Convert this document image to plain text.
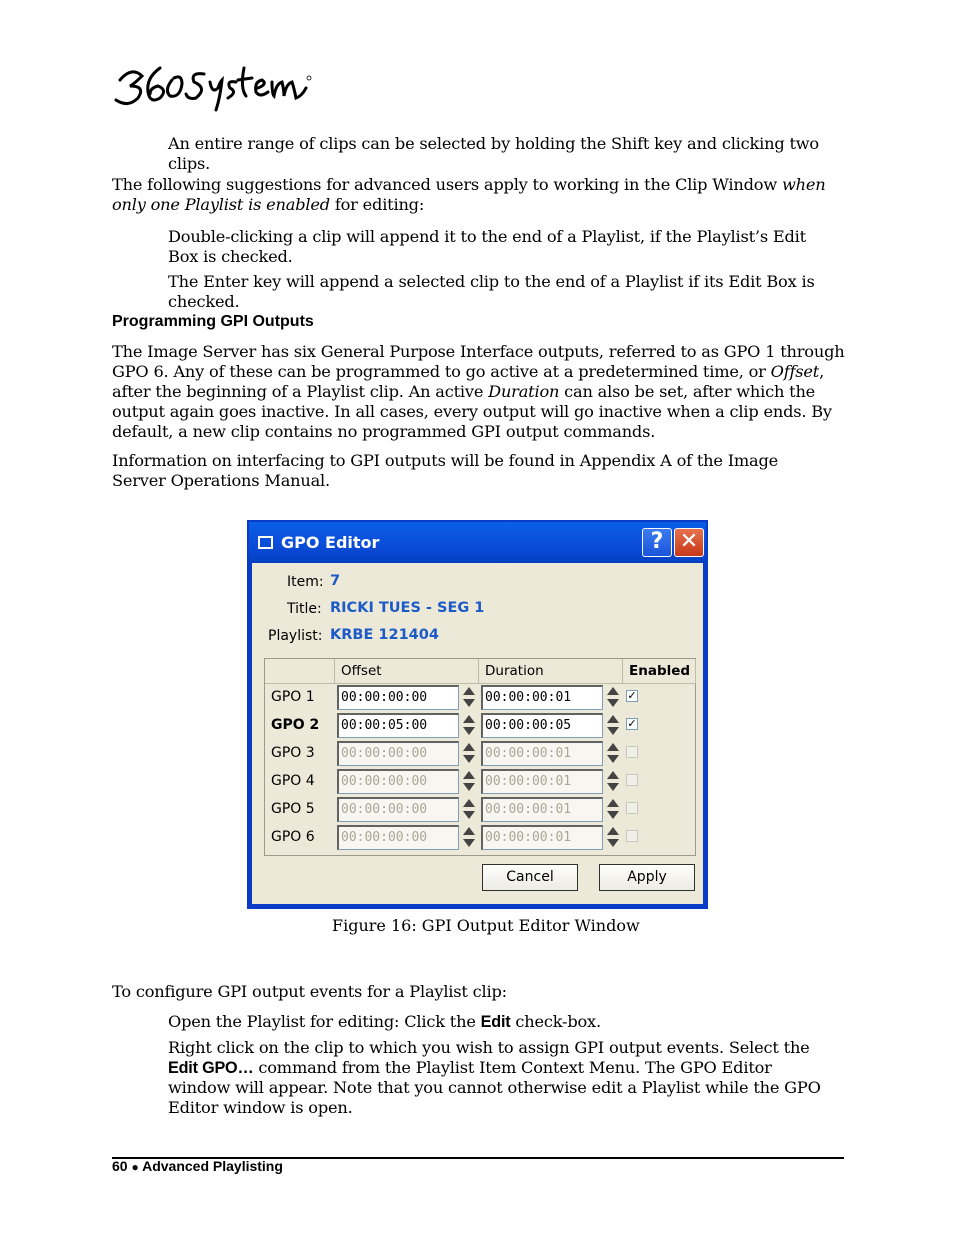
An entire range of clips can be selected by holding the Shift key and clicking two clips.

The following suggestions for advanced users apply to working in the Clip Window when only one Playlist is enabled for editing:

Double-clicking a clip will append it to the end of a Playlist, if the Playlist’s Edit Box is checked.

The Enter key will append a selected clip to the end of a Playlist if its Edit Box is checked.

Programming GPI Outputs

The Image Server has six General Purpose Interface outputs, referred to as GPO 1 through GPO 6. Any of these can be programmed to go active at a predetermined time, or Offset, after the beginning of a Playlist clip. An active Duration can also be set, after which the output again goes inactive. In all cases, every output will go inactive when a clip ends. By default, a new clip contains no programmed GPI output commands.

Information on interfacing to GPI outputs will be found in Appendix A of the Image Server Operations Manual.

GPO Editor	? ✕
Item: 7
Title: RICKI TUES - SEG 1
Playlist: KRBE 121404
Offset	Duration	Enabled
GPO 1	00:00:00:00	00:00:00:01	✓
GPO 2	00:00:05:00	00:00:00:05	✓
GPO 3	00:00:00:00	00:00:00:01
GPO 4	00:00:00:00	00:00:00:01
GPO 5	00:00:00:00	00:00:00:01
GPO 6	00:00:00:00	00:00:00:01
Cancel	Apply

Figure 16: GPI Output Editor Window

To configure GPI output events for a Playlist clip:

Open the Playlist for editing: Click the Edit check-box.

Right click on the clip to which you wish to assign GPI output events. Select the Edit GPO… command from the Playlist Item Context Menu. The GPO Editor window will appear. Note that you cannot otherwise edit a Playlist while the GPO Editor window is open.

60 ● Advanced Playlisting
